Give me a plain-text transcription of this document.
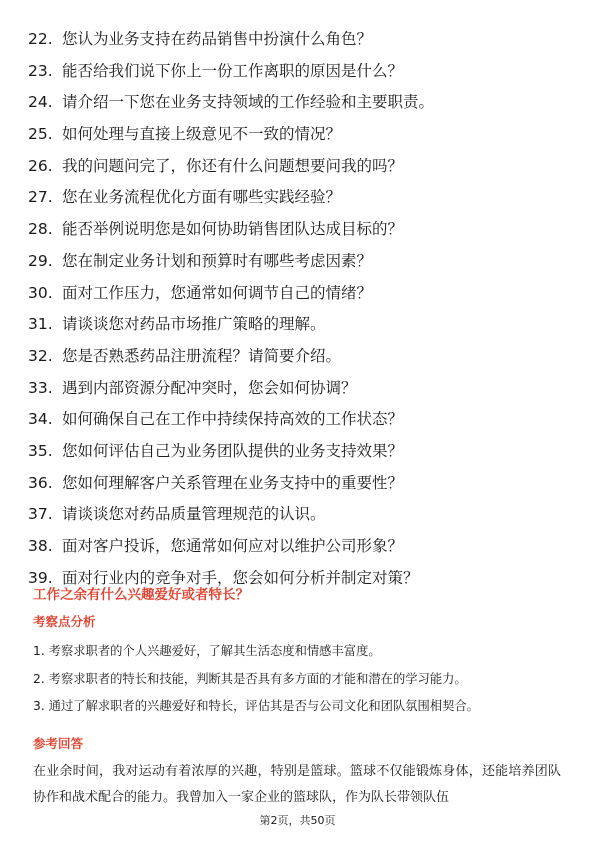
22. 您认为业务支持在药品销售中扮演什么角色？
23. 能否给我们说下你上一份工作离职的原因是什么？
24. 请介绍一下您在业务支持领域的工作经验和主要职责。
25. 如何处理与直接上级意见不一致的情况？
26. 我的问题问完了，你还有什么问题想要问我的吗？
27. 您在业务流程优化方面有哪些实践经验？
28. 能否举例说明您是如何协助销售团队达成目标的？
29. 您在制定业务计划和预算时有哪些考虑因素？
30. 面对工作压力，您通常如何调节自己的情绪？
31. 请谈谈您对药品市场推广策略的理解。
32. 您是否熟悉药品注册流程？请简要介绍。
33. 遇到内部资源分配冲突时，您会如何协调？
34. 如何确保自己在工作中持续保持高效的工作状态？
35. 您如何评估自己为业务团队提供的业务支持效果？
36. 您如何理解客户关系管理在业务支持中的重要性？
37. 请谈谈您对药品质量管理规范的认识。
38. 面对客户投诉，您通常如何应对以维护公司形象？
39. 面对行业内的竞争对手，您会如何分析并制定对策？
工作之余有什么兴趣爱好或者特长？
考察点分析
1. 考察求职者的个人兴趣爱好，了解其生活态度和情感丰富度。
2. 考察求职者的特长和技能，判断其是否具有多方面的才能和潜在的学习能力。
3. 通过了解求职者的兴趣爱好和特长，评估其是否与公司文化和团队氛围相契合。
参考回答
在业余时间，我对运动有着浓厚的兴趣，特别是篮球。篮球不仅能锻炼身体，还能培养团队协作和战术配合的能力。我曾加入一家企业的篮球队，作为队长带领队伍
第2页，共50页
